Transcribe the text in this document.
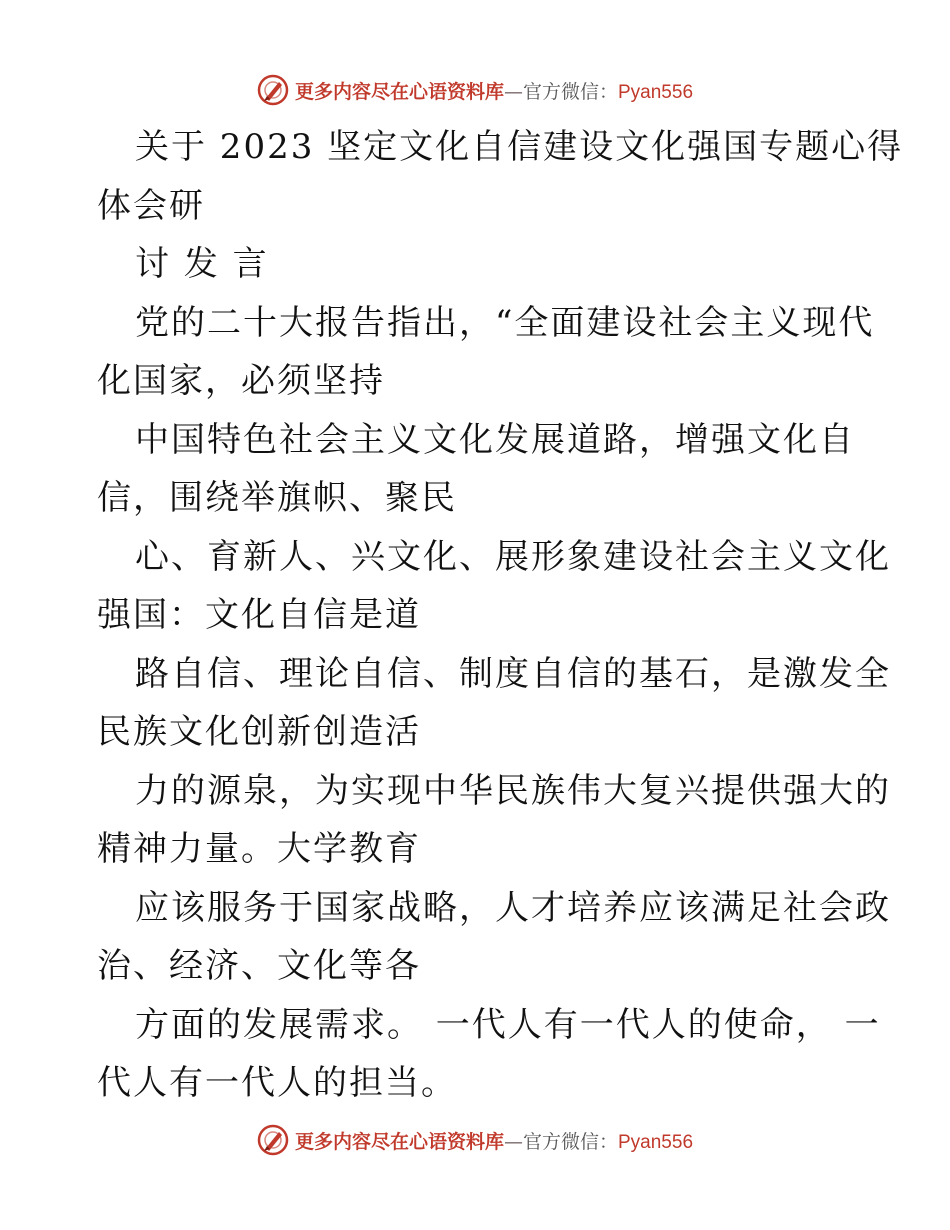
更多内容尽在心语资料库—官方微信：Pyan556
关于 2023 坚定文化自信建设文化强国专题心得
体会研
讨 发 言
党的二十大报告指出，“全面建设社会主义现代
化国家，必须坚持
中国特色社会主义文化发展道路，增强文化自
信，围绕举旗帜、聚民
心、育新人、兴文化、展形象建设社会主义文化
强国：文化自信是道
路自信、理论自信、制度自信的基石，是激发全
民族文化创新创造活
力的源泉，为实现中华民族伟大复兴提供强大的
精神力量。大学教育
应该服务于国家战略，人才培养应该满足社会政
治、经济、文化等各
方面的发展需求。 一代人有一代人的使命， 一
代人有一代人的担当。
更多内容尽在心语资料库—官方微信：Pyan556
